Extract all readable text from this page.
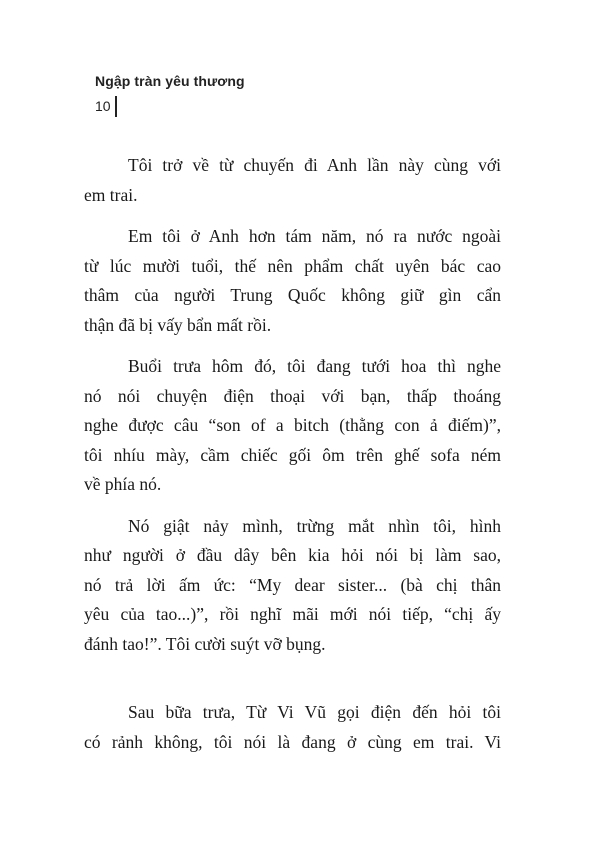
Ngập tràn yêu thương
10

Tôi trở về từ chuyến đi Anh lần này cùng với
em trai.

Em tôi ở Anh hơn tám năm, nó ra nước ngoài
từ lúc mười tuổi, thế nên phẩm chất uyên bác cao
thâm của người Trung Quốc không giữ gìn cẩn
thận đã bị vấy bẩn mất rồi.

Buổi trưa hôm đó, tôi đang tưới hoa thì nghe
nó nói chuyện điện thoại với bạn, thấp thoáng
nghe được câu “son of a bitch (thằng con ả điếm)”,
tôi nhíu mày, cầm chiếc gối ôm trên ghế sofa ném
về phía nó.

Nó giật nảy mình, trừng mắt nhìn tôi, hình
như người ở đầu dây bên kia hỏi nói bị làm sao,
nó trả lời ấm ức: “My dear sister... (bà chị thân
yêu của tao...)”, rồi nghĩ mãi mới nói tiếp, “chị ấy
đánh tao!”. Tôi cười suýt vỡ bụng.

Sau bữa trưa, Từ Vi Vũ gọi điện đến hỏi tôi
có rảnh không, tôi nói là đang ở cùng em trai. Vi
